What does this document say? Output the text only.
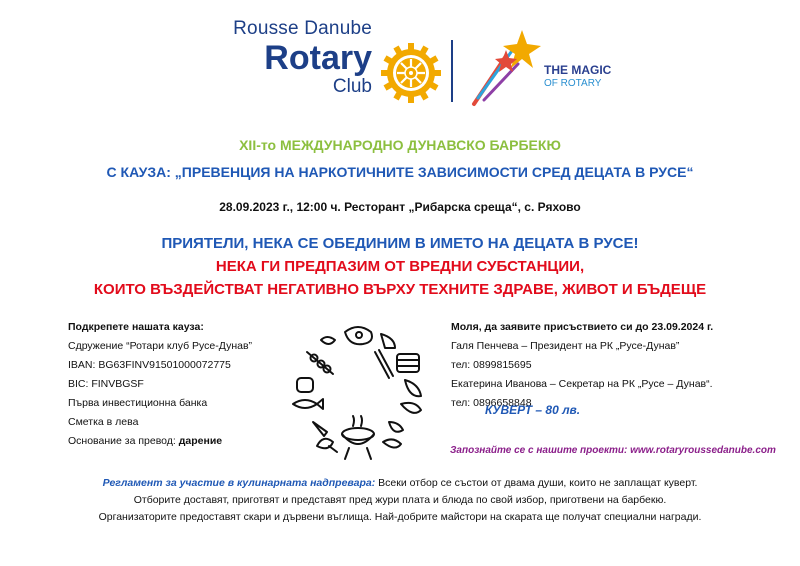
Rousse Danube
Rotary
Club
THE MAGIC
OF ROTARY
XII-то МЕЖДУНАРОДНО ДУНАВСКО БАРБЕКЮ
С КАУЗА: „ПРЕВЕНЦИЯ НА НАРКОТИЧНИТЕ ЗАВИСИМОСТИ СРЕД ДЕЦАТА В РУСЕ“
28.09.2023 г., 12:00 ч. Ресторант „Рибарска среща“, с. Ряхово
ПРИЯТЕЛИ, НЕКА СЕ ОБЕДИНИМ В ИМЕТО НА ДЕЦАТА В РУСЕ!
НЕКА ГИ ПРЕДПАЗИМ ОТ ВРЕДНИ СУБСТАНЦИИ,
КОИТО ВЪЗДЕЙСТВАТ НЕГАТИВНО ВЪРХУ ТЕХНИТЕ ЗДРАВЕ, ЖИВОТ И БЪДЕЩЕ
Подкрепете нашата кауза:
Сдружение “Ротари клуб Русе-Дунав”
IBAN: BG63FINV91501000072775
BIC: FINVBGSF
Първа инвестиционна банка
Сметка в лева
Основание за превод: дарение
Моля, да заявите присъствието си до 23.09.2024 г.
Галя Пенчева – Президент на РК „Русе-Дунав”
тел: 0899815695
Екатерина Иванова – Секретар на РК „Русе – Дунав“.
тел: 0896658848
КУВЕРТ – 80 лв.
Запознайте се с нашите проекти: www.rotaryroussedanube.com
Регламент за участие в кулинарната надпревара: Всеки отбор се състои от двама души, които не заплащат куверт.
Отборите доставят, приготвят и представят пред жури плата и блюда по свой избор, приготвени на барбекю.
Организаторите предоставят скари и дървени въглища. Най-добрите майстори на скарата ще получат специални награди.
